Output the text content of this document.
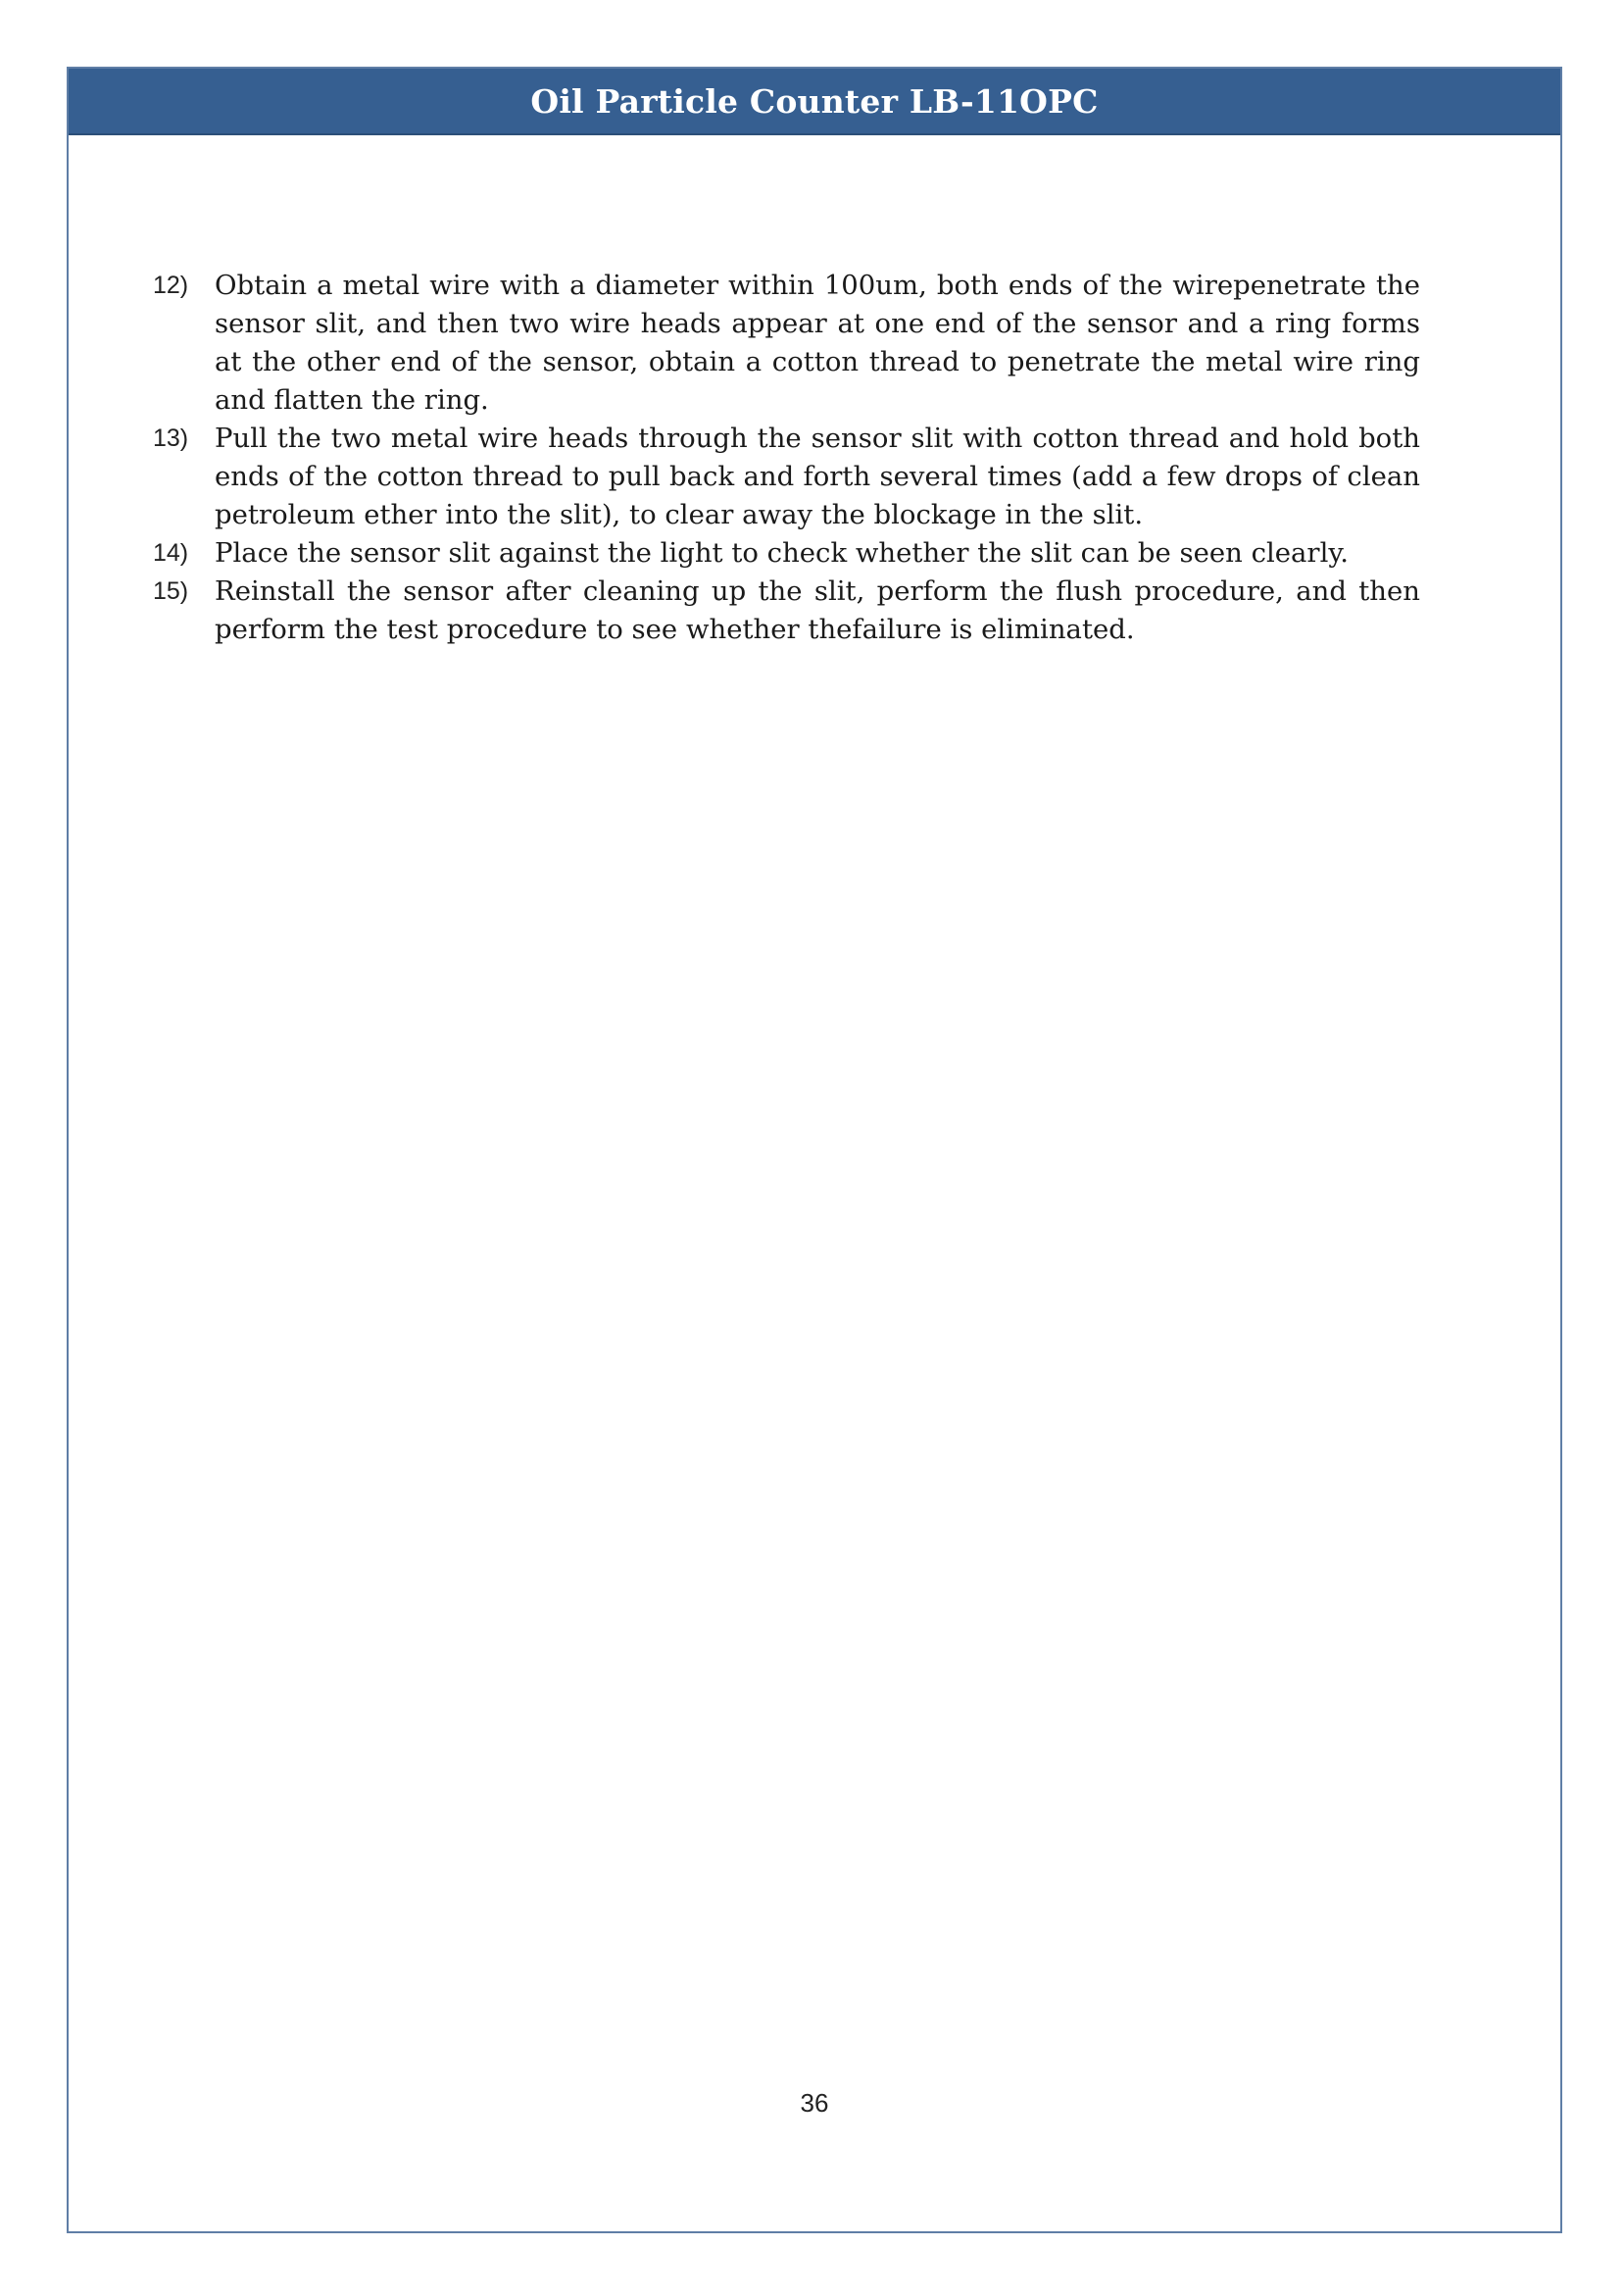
Oil Particle Counter LB-11OPC
36
12) Obtain a metal wire with a diameter within 100um, both ends of the wirepenetrate the sensor slit, and then two wire heads appear at one end of the sensor and a ring forms at the other end of the sensor, obtain a cotton thread to penetrate the metal wire ring and flatten the ring.
13) Pull the two metal wire heads through the sensor slit with cotton thread and hold both ends of the cotton thread to pull back and forth several times (add a few drops of clean petroleum ether into the slit), to clear away the blockage in the slit.
14) Place the sensor slit against the light to check whether the slit can be seen clearly.
15) Reinstall the sensor after cleaning up the slit, perform the flush procedure, and then perform the test procedure to see whether thefailure is eliminated.
